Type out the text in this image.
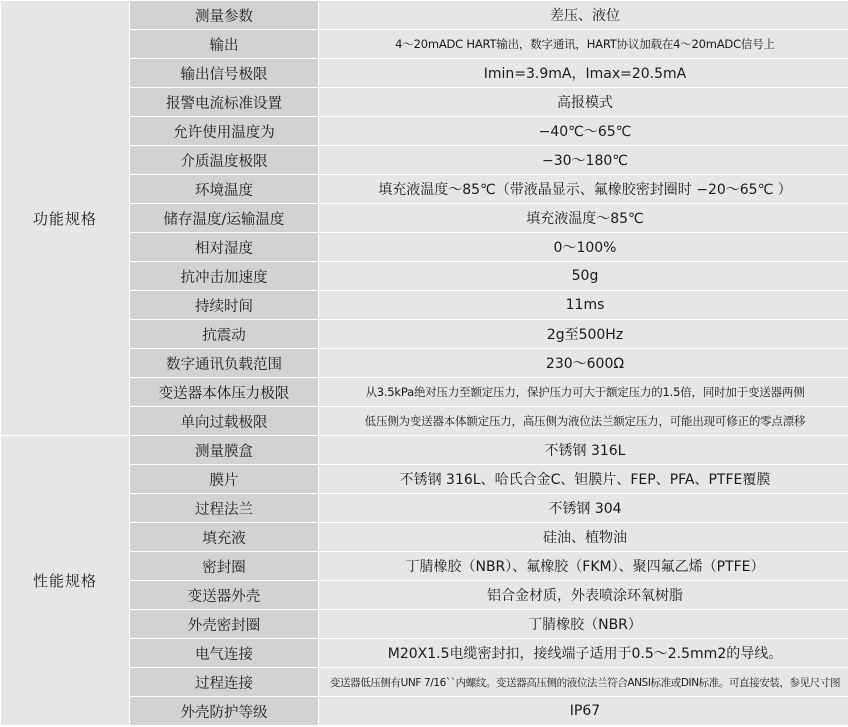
功能规格	测量参数	差压、液位
	输出	4～20mADC HART输出，数字通讯，HART协议加载在4～20mADC信号上
	输出信号极限	Imin=3.9mA，Imax=20.5mA
	报警电流标准设置	高报模式
	允许使用温度为	−40℃～65℃
	介质温度极限	−30～180℃
	环境温度	填充液温度～85℃（带液晶显示、氟橡胶密封圈时 −20～65℃ ）
	储存温度/运输温度	填充液温度～85℃
	相对湿度	0～100%
	抗冲击加速度	50g
	持续时间	11ms
	抗震动	2g至500Hz
	数字通讯负载范围	230～600Ω
	变送器本体压力极限	从3.5kPa绝对压力至额定压力，保护压力可大于额定压力的1.5倍，同时加于变送器两侧
	单向过载极限	低压侧为变送器本体额定压力，高压侧为液位法兰额定压力，可能出现可修正的零点漂移
性能规格	测量膜盒	不锈钢 316L
	膜片	不锈钢 316L、哈氏合金C、钽膜片、FEP、PFA、PTFE覆膜
	过程法兰	不锈钢 304
	填充液	硅油、植物油
	密封圈	丁腈橡胶（NBR）、氟橡胶（FKM）、聚四氟乙烯（PTFE）
	变送器外壳	铝合金材质，外表喷涂环氧树脂
	外壳密封圈	丁腈橡胶（NBR）
	电气连接	M20X1.5电缆密封扣，接线端子适用于0.5～2.5mm2的导线。
	过程连接	变送器低压侧有UNF 7/16``内螺纹。变送器高压侧的液位法兰符合ANSI标准或DIN标准。可直接安装，参见尺寸图
	外壳防护等级	IP67
